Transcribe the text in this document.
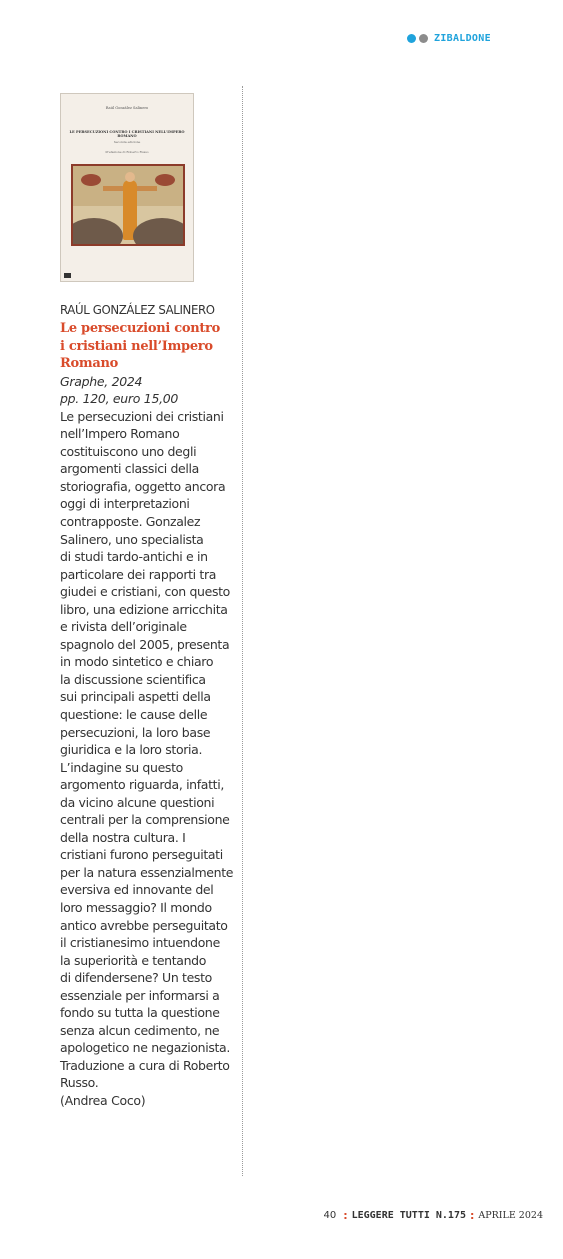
ZIBALDONE
Raúl González Salinero
LE PERSECUZIONI CONTRO I CRISTIANI NELL'IMPERO ROMANO
Seconda edizione
Prefazione di Roberto Russo
RAÚL GONZÁLEZ SALINERO
Le persecuzioni contro
i cristiani nell’Impero
Romano
Graphe, 2024
pp. 120, euro 15,00
Le persecuzioni dei cristiani
nell’Impero Romano
costituiscono uno degli
argomenti classici della
storiografia, oggetto ancora
oggi di interpretazioni
contrapposte. Gonzalez
Salinero, uno specialista
di studi tardo-antichi e in
particolare dei rapporti tra
giudei e cristiani, con questo
libro, una edizione arricchita
e rivista dell’originale
spagnolo del 2005, presenta
in modo sintetico e chiaro
la discussione scientifica
sui principali aspetti della
questione: le cause delle
persecuzioni, la loro base
giuridica e la loro storia.
L’indagine su questo
argomento riguarda, infatti,
da vicino alcune questioni
centrali per la comprensione
della nostra cultura. I
cristiani furono perseguitati
per la natura essenzialmente
eversiva ed innovante del
loro messaggio? Il mondo
antico avrebbe perseguitato
il cristianesimo intuendone
la superiorità e tentando
di difendersene? Un testo
essenziale per informarsi a
fondo su tutta la questione
senza alcun cedimento, ne
apologetico ne negazionista.
Traduzione a cura di Roberto
Russo.
(Andrea Coco)
40 : LEGGERE TUTTI N.175 : APRILE 2024
